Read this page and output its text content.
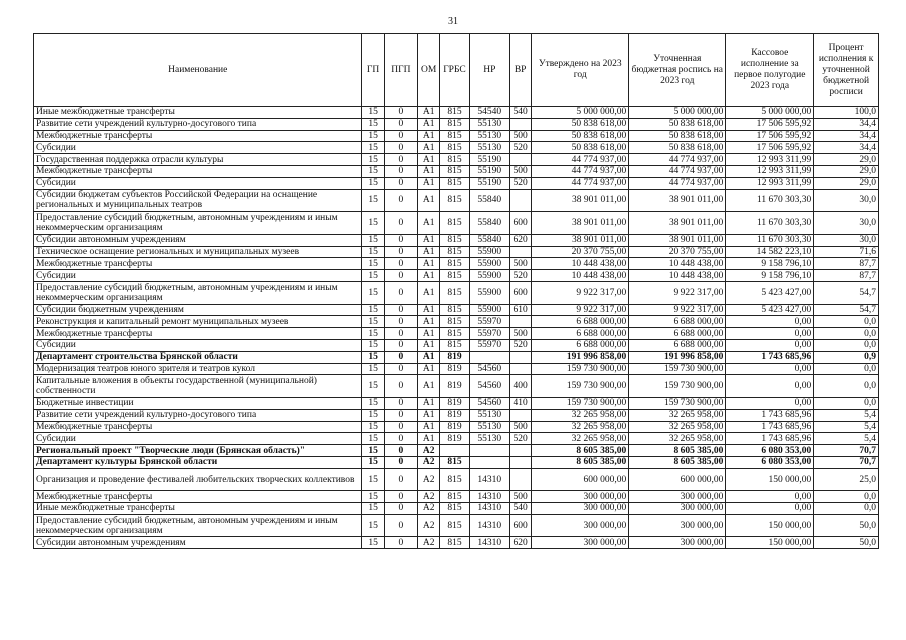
31
Наименование	ГП	ПГП	ОМ	ГРБС	НР	ВР	Утверждено на 2023 год	Уточненная бюджетная роспись на 2023 год	Кассовое исполнение за первое полугодие 2023 года	Процент исполнения к уточненной бюджетной росписи
Иные межбюджетные трансферты	15	0	A1	815	54540	540	5 000 000,00	5 000 000,00	5 000 000,00	100,0
Развитие сети учреждений культурно-досугового типа	15	0	A1	815	55130		50 838 618,00	50 838 618,00	17 506 595,92	34,4
Межбюджетные трансферты	15	0	A1	815	55130	500	50 838 618,00	50 838 618,00	17 506 595,92	34,4
Субсидии	15	0	A1	815	55130	520	50 838 618,00	50 838 618,00	17 506 595,92	34,4
Государственная поддержка отрасли культуры	15	0	A1	815	55190		44 774 937,00	44 774 937,00	12 993 311,99	29,0
Межбюджетные трансферты	15	0	A1	815	55190	500	44 774 937,00	44 774 937,00	12 993 311,99	29,0
Субсидии	15	0	A1	815	55190	520	44 774 937,00	44 774 937,00	12 993 311,99	29,0
Субсидии бюджетам субъектов Российской Федерации на оснащение региональных и муниципальных театров	15	0	A1	815	55840		38 901 011,00	38 901 011,00	11 670 303,30	30,0
Предоставление субсидий бюджетным, автономным учреждениям и иным некоммерческим организациям	15	0	A1	815	55840	600	38 901 011,00	38 901 011,00	11 670 303,30	30,0
Субсидии автономным учреждениям	15	0	A1	815	55840	620	38 901 011,00	38 901 011,00	11 670 303,30	30,0
Техническое оснащение региональных и муниципальных музеев	15	0	A1	815	55900		20 370 755,00	20 370 755,00	14 582 223,10	71,6
Межбюджетные трансферты	15	0	A1	815	55900	500	10 448 438,00	10 448 438,00	9 158 796,10	87,7
Субсидии	15	0	A1	815	55900	520	10 448 438,00	10 448 438,00	9 158 796,10	87,7
Предоставление субсидий бюджетным, автономным учреждениям и иным некоммерческим организациям	15	0	A1	815	55900	600	9 922 317,00	9 922 317,00	5 423 427,00	54,7
Субсидии бюджетным учреждениям	15	0	A1	815	55900	610	9 922 317,00	9 922 317,00	5 423 427,00	54,7
Реконструкция и капитальный ремонт муниципальных музеев	15	0	A1	815	55970		6 688 000,00	6 688 000,00	0,00	0,0
Межбюджетные трансферты	15	0	A1	815	55970	500	6 688 000,00	6 688 000,00	0,00	0,0
Субсидии	15	0	A1	815	55970	520	6 688 000,00	6 688 000,00	0,00	0,0
Департамент строительства Брянской области	15	0	A1	819			191 996 858,00	191 996 858,00	1 743 685,96	0,9
Модернизация театров юного зрителя и театров кукол	15	0	A1	819	54560		159 730 900,00	159 730 900,00	0,00	0,0
Капитальные вложения в объекты государственной (муниципальной) собственности	15	0	A1	819	54560	400	159 730 900,00	159 730 900,00	0,00	0,0
Бюджетные инвестиции	15	0	A1	819	54560	410	159 730 900,00	159 730 900,00	0,00	0,0
Развитие сети учреждений культурно-досугового типа	15	0	A1	819	55130		32 265 958,00	32 265 958,00	1 743 685,96	5,4
Межбюджетные трансферты	15	0	A1	819	55130	500	32 265 958,00	32 265 958,00	1 743 685,96	5,4
Субсидии	15	0	A1	819	55130	520	32 265 958,00	32 265 958,00	1 743 685,96	5,4
Региональный проект "Творческие люди (Брянская область)"	15	0	A2				8 605 385,00	8 605 385,00	6 080 353,00	70,7
Департамент культуры Брянской области	15	0	A2	815			8 605 385,00	8 605 385,00	6 080 353,00	70,7
Организация и проведение фестивалей любительских творческих коллективов	15	0	A2	815	14310		600 000,00	600 000,00	150 000,00	25,0
Межбюджетные трансферты	15	0	A2	815	14310	500	300 000,00	300 000,00	0,00	0,0
Иные межбюджетные трансферты	15	0	A2	815	14310	540	300 000,00	300 000,00	0,00	0,0
Предоставление субсидий бюджетным, автономным учреждениям и иным некоммерческим организациям	15	0	A2	815	14310	600	300 000,00	300 000,00	150 000,00	50,0
Субсидии автономным учреждениям	15	0	A2	815	14310	620	300 000,00	300 000,00	150 000,00	50,0
